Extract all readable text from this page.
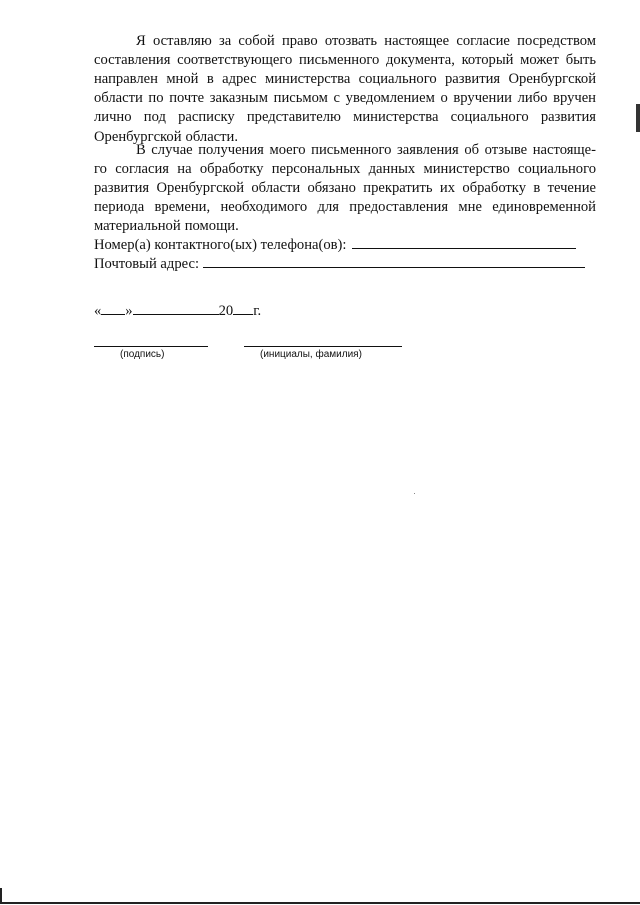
Я оставляю за собой право отозвать настоящее согласие посредством составления соответствующего письменного документа, который может быть направлен мной в адрес министерства социального развития Оренбургской области по почте заказным письмом с уведомлением о вручении либо вручен лично под расписку представителю министерства социального развития Оренбургской области.

В случае получения моего письменного заявления об отзыве настояще-го согласия на обработку персональных данных министерство социального развития Оренбургской области обязано прекратить их обработку в течение периода времени, необходимого для предоставления мне единовременной материальной помощи.

Номер(а) контактного(ых) телефона(ов):
Почтовый адрес:
« »	20 г.
(подпись)	(инициалы, фамилия)
